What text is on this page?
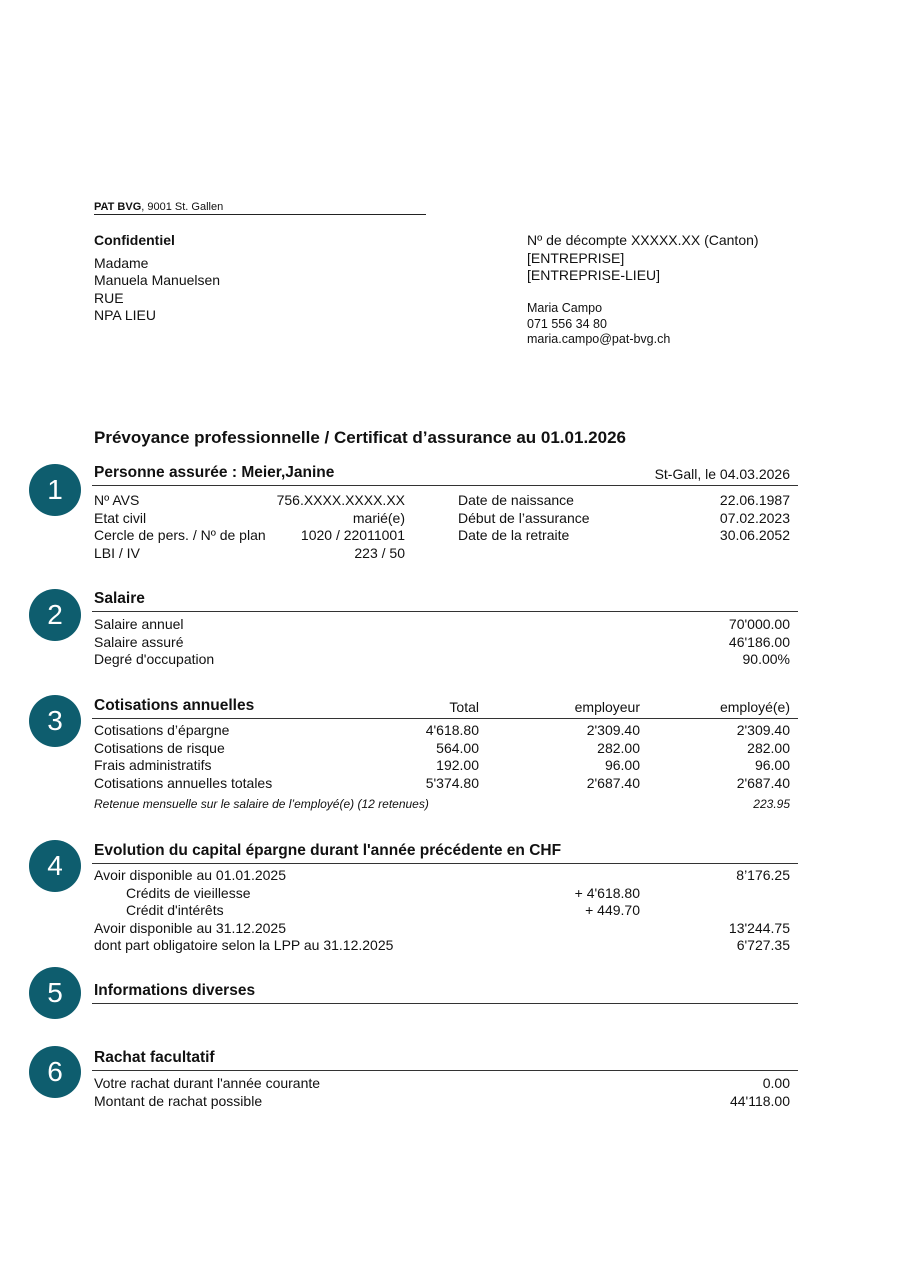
PAT BVG, 9001 St. Gallen
Confidentiel
Madame
Manuela Manuelsen
RUE
NPA LIEU
Nº de décompte XXXXX.XX (Canton)
[ENTREPRISE]
[ENTREPRISE-LIEU]
Maria Campo
071 556 34 80
maria.campo@pat-bvg.ch
Prévoyance professionnelle / Certificat d’assurance au 01.01.2026
1
Personne assurée : Meier,Janine	St-Gall, le 04.03.2026
Nº AVS	756.XXXX.XXXX.XX	Date de naissance	22.06.1987
Etat civil	marié(e)	Début de l’assurance	07.02.2023
Cercle de pers. / Nº de plan	1020 / 22011001	Date de la retraite	30.06.2052
LBI / IV	223 / 50
2
Salaire
Salaire annuel	70'000.00
Salaire assuré	46'186.00
Degré d'occupation	90.00%
3	Cotisations annuelles	Total	employeur	employé(e)
Cotisations d’épargne	4'618.80	2'309.40	2'309.40
Cotisations de risque	564.00	282.00	282.00
Frais administratifs	192.00	96.00	96.00
Cotisations annuelles totales	5'374.80	2'687.40	2'687.40
Retenue mensuelle sur le salaire de l’employé(e) (12 retenues)	223.95
4	Evolution du capital épargne durant l'année précédente en CHF
Avoir disponible au 01.01.2025	8’176.25
Crédits de vieillesse	+ 4'618.80
Crédit d'intérêts	+ 449.70
Avoir disponible au 31.12.2025	13'244.75
dont part obligatoire selon la LPP au 31.12.2025	6'727.35
5	Informations diverses
6	Rachat facultatif
Votre rachat durant l'année courante	0.00
Montant de rachat possible	44'118.00
